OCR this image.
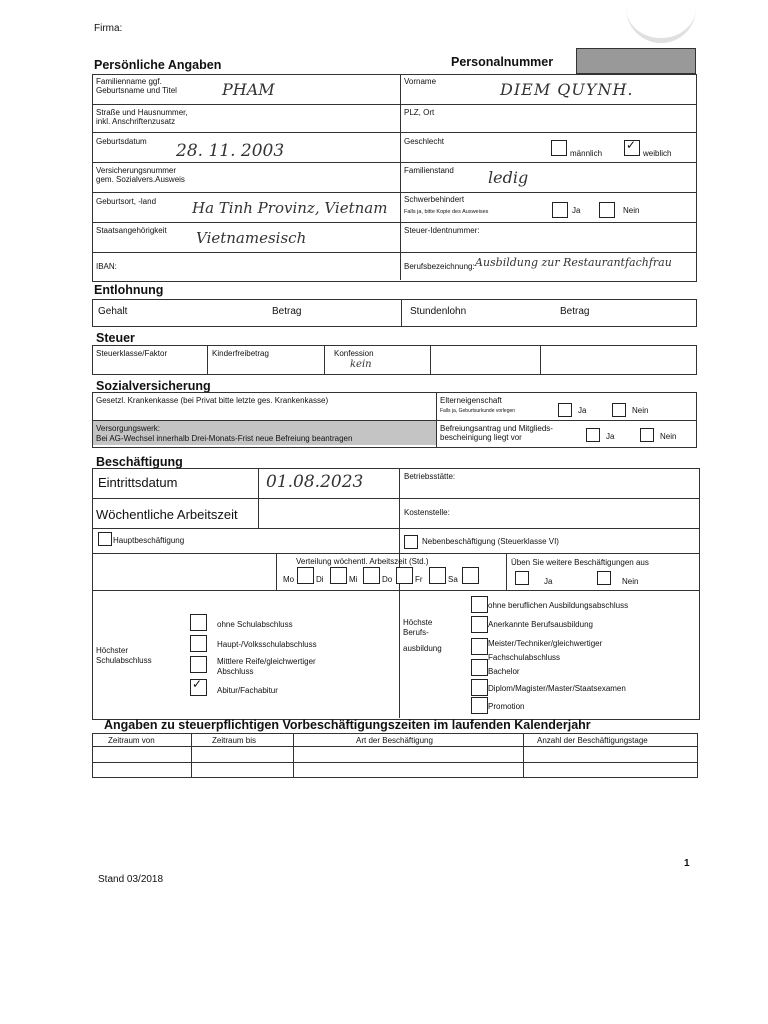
Firma:
Persönliche Angaben	Personalnummer
Familienname ggf.
Geburtsname und Titel	PHAM	Vorname	DIEM QUYNH.
Straße und Hausnummer,
inkl. Anschriftenzusatz
PLZ, Ort
Geburtsdatum 28. 11. 2003	Geschlecht
männlich
✓	weiblich
Versicherungsnummer
gem. Sozialvers.Ausweis
Familienstand ledig
Geburtsort, -land Ha Tinh Provinz, Vietnam Schwerbehindert
Falls ja, bitte Kopie des Ausweises	Ja	Nein
Staatsangehörigkeit Vietnamesisch	Steuer-Identnummer:
IBAN:	Berufsbezeichnung: Ausbildung zur Restaurantfachfrau
Entlohnung
Gehalt	Betrag	Stundenlohn	Betrag
Steuer
Steuerklasse/Faktor	Kinderfreibetrag	Konfession
kein
Sozialversicherung
Gesetzl. Krankenkasse (bei Privat bitte letzte ges. Krankenkasse)	Elterneigenschaft
Falls ja, Geburtsurkunde vorlegen	Ja	Nein
Versorgungswerk:
Bei AG-Wechsel innerhalb Drei-Monats-Frist neue Befreiung beantragen
Befreiungsantrag und Mitglieds-
bescheinigung liegt vor	Ja	Nein
Beschäftigung
Eintrittsdatum	01.08.2023	Betriebsstätte:
Wöchentliche Arbeitszeit	Kostenstelle:
Hauptbeschäftigung	Nebenbeschäftigung (Steuerklasse VI)
Verteilung wöchentl. Arbeitszeit (Std.)
Mo	Di	Mi	Do	Fr	Sa
Üben Sie weitere Beschäftigungen aus
Ja	Nein
Höchster
Schulabschluss
ohne Schulabschluss
Haupt-/Volksschulabschluss
Mittlere Reife/gleichwertiger
Abschluss
✓
Abitur/Fachabitur
Höchste
Berufs-
ausbildung
ohne beruflichen Ausbildungsabschluss
Anerkannte Berufsausbildung
Meister/Techniker/gleichwertiger
Fachschulabschluss
Bachelor
Diplom/Magister/Master/Staatsexamen
Promotion
Angaben zu steuerpflichtigen Vorbeschäftigungszeiten im laufenden Kalenderjahr
Zeitraum von	Zeitraum bis	Art der Beschäftigung	Anzahl der Beschäftigungstage
1
Stand 03/2018
